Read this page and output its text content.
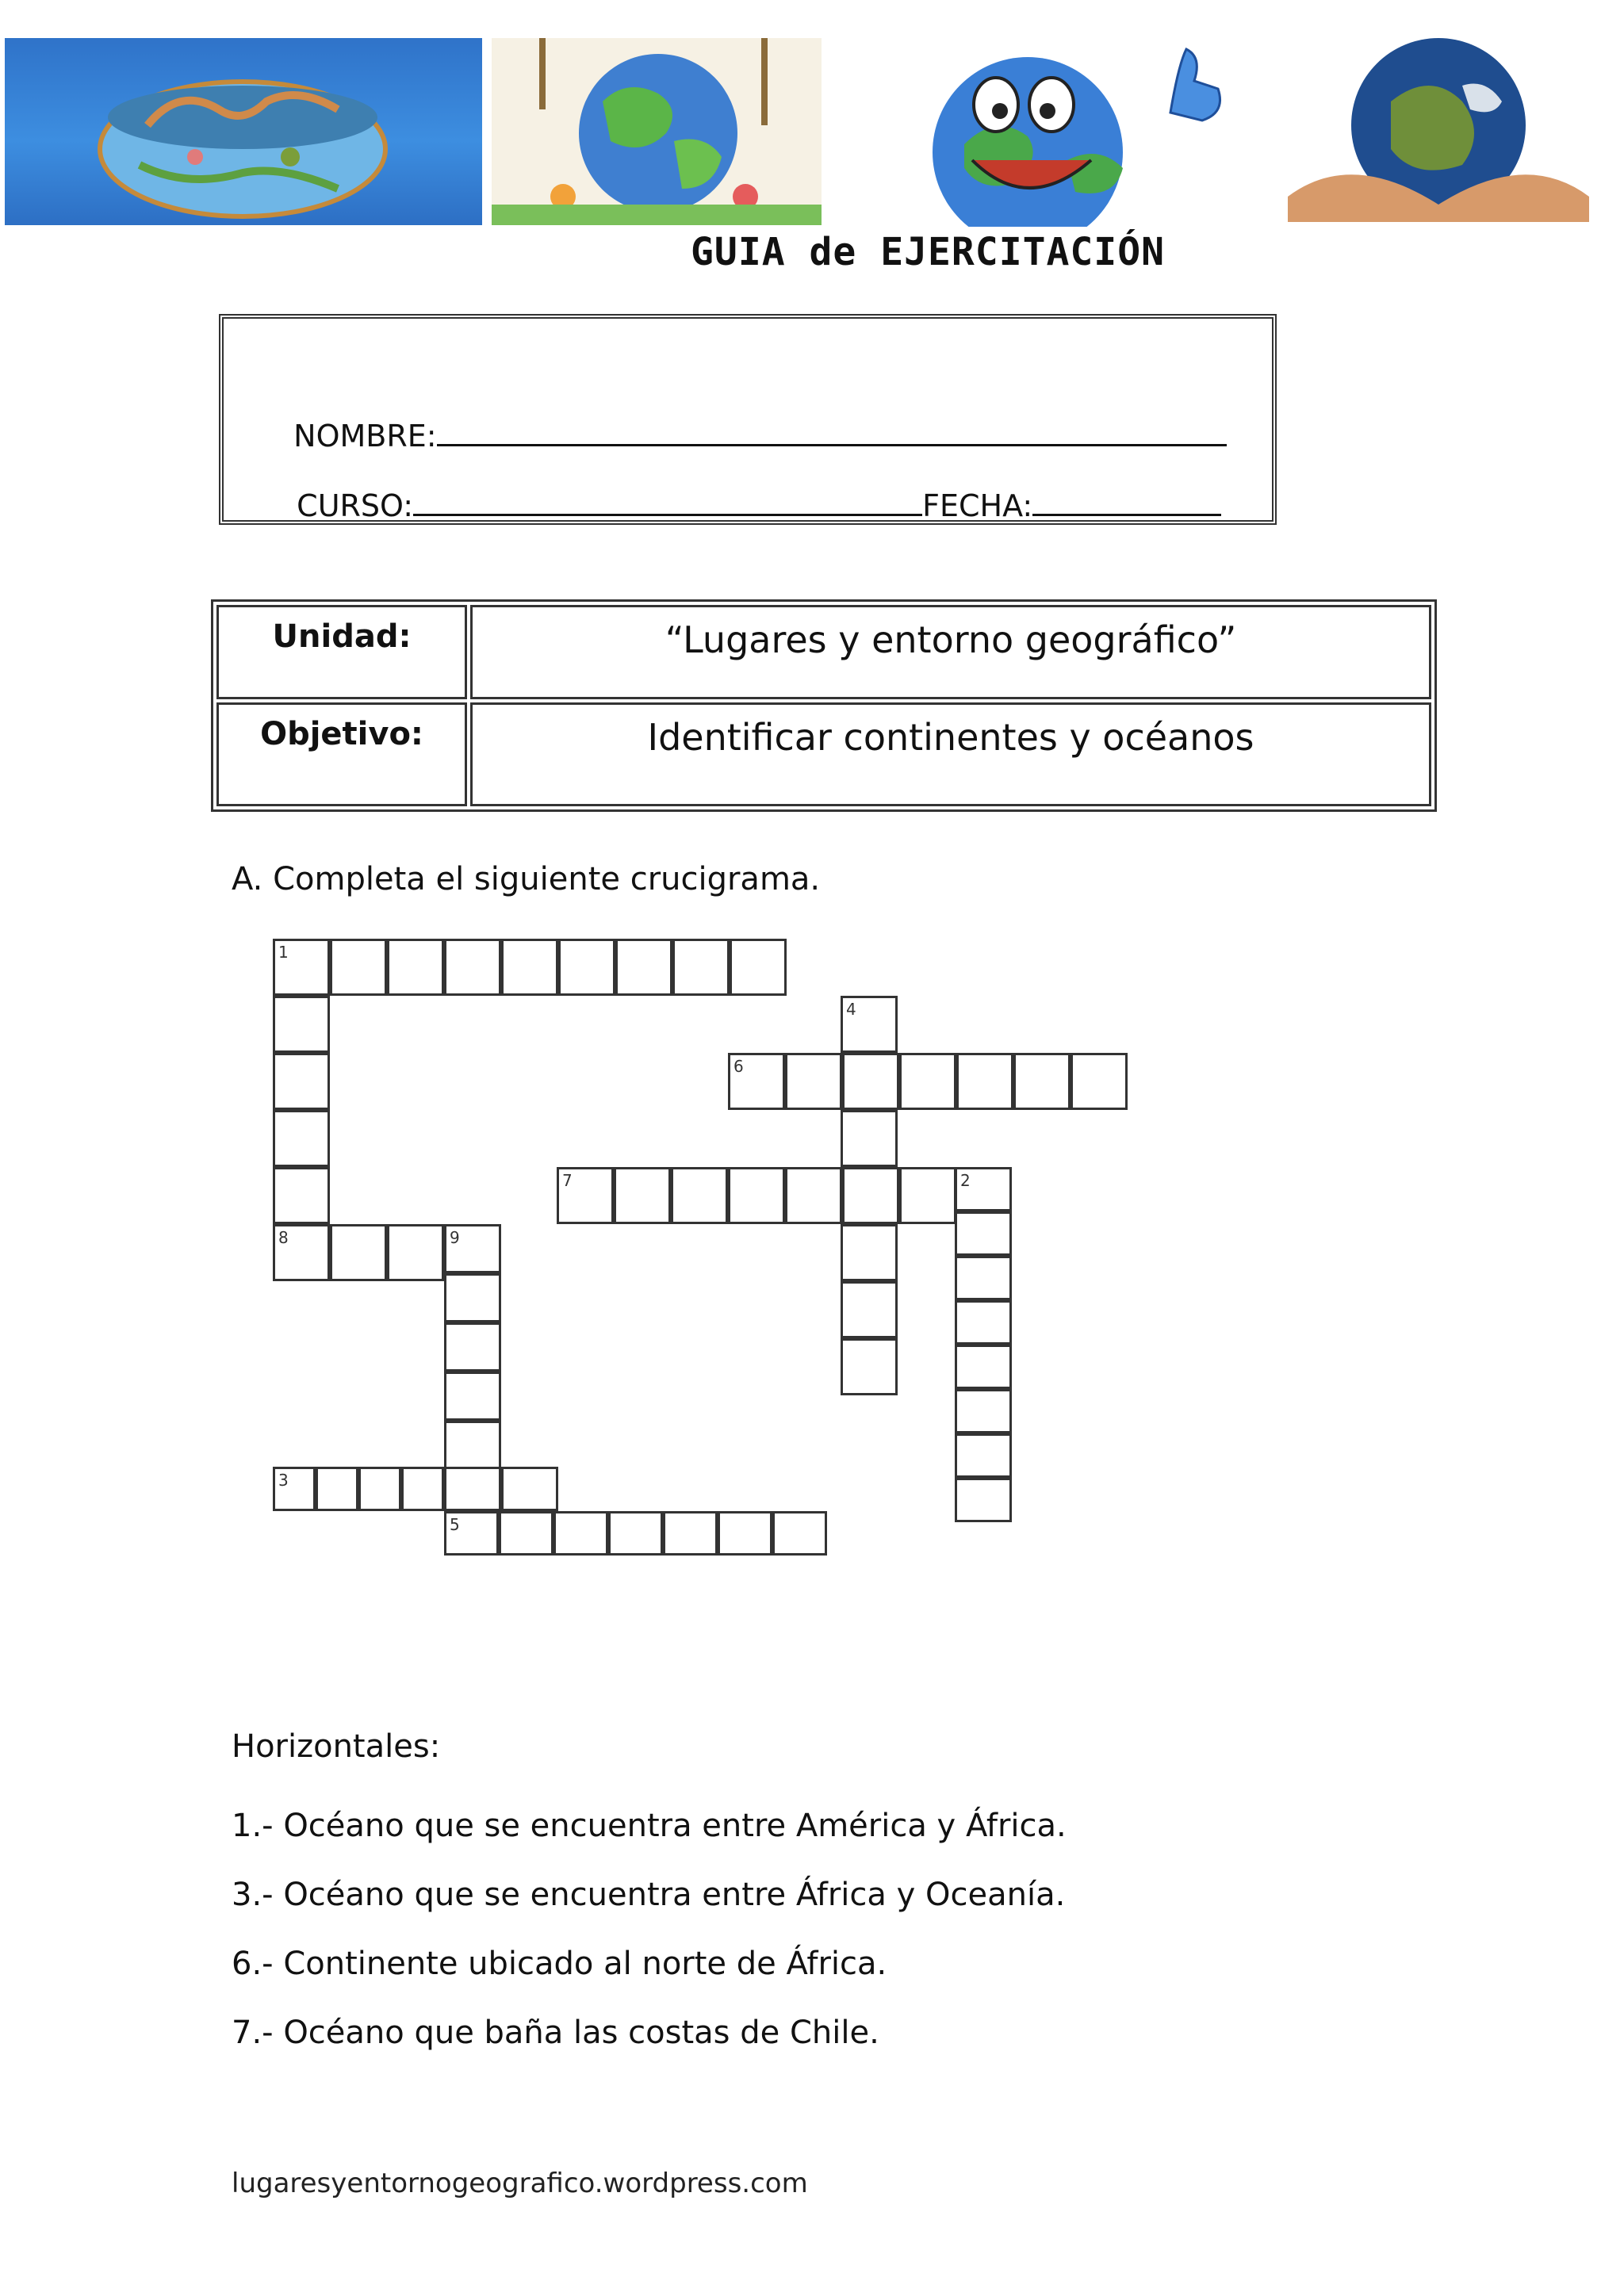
GUIA de EJERCITACIÓN

NOMBRE:

CURSO:	FECHA:

Unidad:	“Lugares y entorno geográfico”
Objetivo:	Identificar continentes y océanos
A. Completa el siguiente crucigrama.
1
8	9
4
6
7	2
3
5
Horizontales:
1.- Océano que se encuentra entre América y África.
3.- Océano que se encuentra entre África y Oceanía.
6.- Continente ubicado al norte de África.
7.- Océano que baña las costas de Chile.
lugaresyentornogeografico.wordpress.com
